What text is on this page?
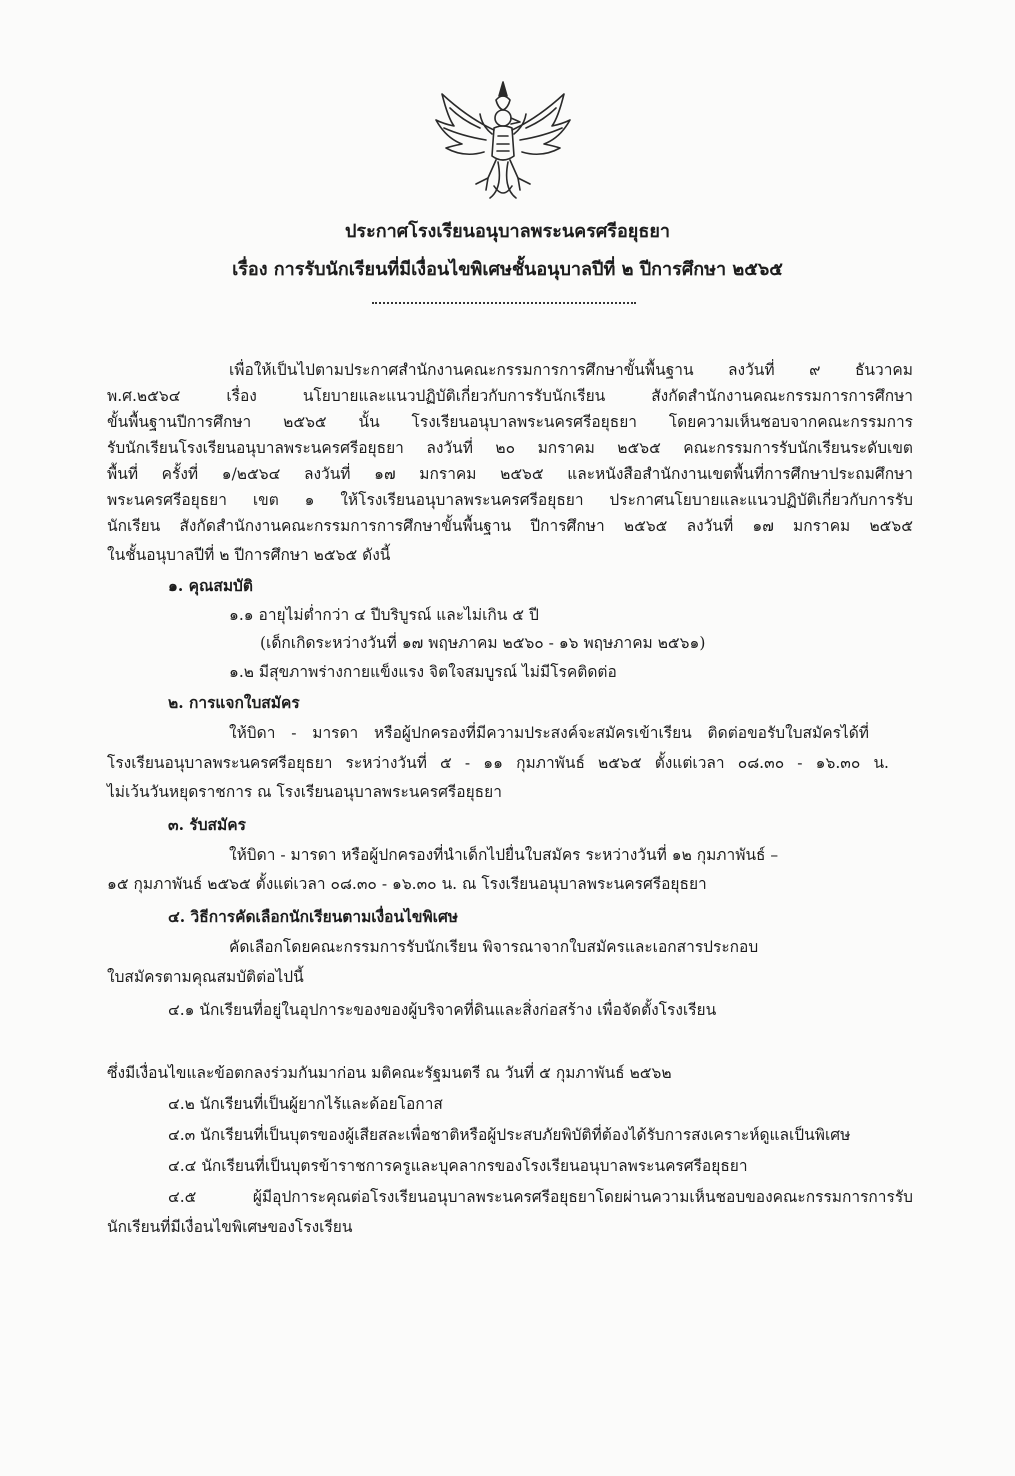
ประกาศโรงเรียนอนุบาลพระนครศรีอยุธยา
เรื่อง การรับนักเรียนที่มีเงื่อนไขพิเศษชั้นอนุบาลปีที่ ๒ ปีการศึกษา ๒๕๖๕
เพื่อให้เป็นไปตามประกาศสำนักงานคณะกรรมการการศึกษาขั้นพื้นฐาน ลงวันที่ ๙ ธันวาคม
พ.ศ.๒๕๖๔ เรื่อง นโยบายและแนวปฏิบัติเกี่ยวกับการรับนักเรียน สังกัดสำนักงานคณะกรรมการการศึกษา
ขั้นพื้นฐานปีการศึกษา ๒๕๖๕ นั้น โรงเรียนอนุบาลพระนครศรีอยุธยา โดยความเห็นชอบจากคณะกรรมการ
รับนักเรียนโรงเรียนอนุบาลพระนครศรีอยุธยา ลงวันที่ ๒๐ มกราคม ๒๕๖๕ คณะกรรมการรับนักเรียนระดับเขต
พื้นที่ ครั้งที่ ๑/๒๕๖๔ ลงวันที่ ๑๗ มกราคม ๒๕๖๕ และหนังสือสำนักงานเขตพื้นที่การศึกษาประถมศึกษา
พระนครศรีอยุธยา เขต ๑ ให้โรงเรียนอนุบาลพระนครศรีอยุธยา ประกาศนโยบายและแนวปฏิบัติเกี่ยวกับการรับ
นักเรียน สังกัดสำนักงานคณะกรรมการการศึกษาขั้นพื้นฐาน ปีการศึกษา ๒๕๖๕ ลงวันที่ ๑๗ มกราคม ๒๕๖๕
ในชั้นอนุบาลปีที่ ๒ ปีการศึกษา ๒๕๖๕ ดังนี้
๑. คุณสมบัติ
๑.๑ อายุไม่ต่ำกว่า ๔ ปีบริบูรณ์ และไม่เกิน ๕ ปี
(เด็กเกิดระหว่างวันที่ ๑๗ พฤษภาคม ๒๕๖๐ - ๑๖ พฤษภาคม ๒๕๖๑)
๑.๒ มีสุขภาพร่างกายแข็งแรง จิตใจสมบูรณ์ ไม่มีโรคติดต่อ
๒. การแจกใบสมัคร
ให้บิดา - มารดา หรือผู้ปกครองที่มีความประสงค์จะสมัครเข้าเรียน ติดต่อขอรับใบสมัครได้ที่
โรงเรียนอนุบาลพระนครศรีอยุธยา ระหว่างวันที่ ๕ - ๑๑ กุมภาพันธ์ ๒๕๖๕ ตั้งแต่เวลา ๐๘.๓๐ - ๑๖.๓๐ น.
ไม่เว้นวันหยุดราชการ ณ โรงเรียนอนุบาลพระนครศรีอยุธยา
๓. รับสมัคร
ให้บิดา - มารดา หรือผู้ปกครองที่นำเด็กไปยื่นใบสมัคร ระหว่างวันที่ ๑๒ กุมภาพันธ์ –
๑๕ กุมภาพันธ์ ๒๕๖๕ ตั้งแต่เวลา ๐๘.๓๐ - ๑๖.๓๐ น. ณ โรงเรียนอนุบาลพระนครศรีอยุธยา
๔. วิธีการคัดเลือกนักเรียนตามเงื่อนไขพิเศษ
คัดเลือกโดยคณะกรรมการรับนักเรียน พิจารณาจากใบสมัครและเอกสารประกอบ
ใบสมัครตามคุณสมบัติต่อไปนี้
๔.๑ นักเรียนที่อยู่ในอุปการะของของผู้บริจาคที่ดินและสิ่งก่อสร้าง เพื่อจัดตั้งโรงเรียน
ซึ่งมีเงื่อนไขและข้อตกลงร่วมกันมาก่อน มติคณะรัฐมนตรี ณ วันที่ ๕ กุมภาพันธ์ ๒๕๖๒
๔.๒ นักเรียนที่เป็นผู้ยากไร้และด้อยโอกาส
๔.๓ นักเรียนที่เป็นบุตรของผู้เสียสละเพื่อชาติหรือผู้ประสบภัยพิบัติที่ต้องได้รับการสงเคราะห์ดูแลเป็นพิเศษ
๔.๔ นักเรียนที่เป็นบุตรข้าราชการครูและบุคลากรของโรงเรียนอนุบาลพระนครศรีอยุธยา
๔.๕ ผู้มีอุปการะคุณต่อโรงเรียนอนุบาลพระนครศรีอยุธยาโดยผ่านความเห็นชอบของคณะกรรมการการรับ
นักเรียนที่มีเงื่อนไขพิเศษของโรงเรียน
